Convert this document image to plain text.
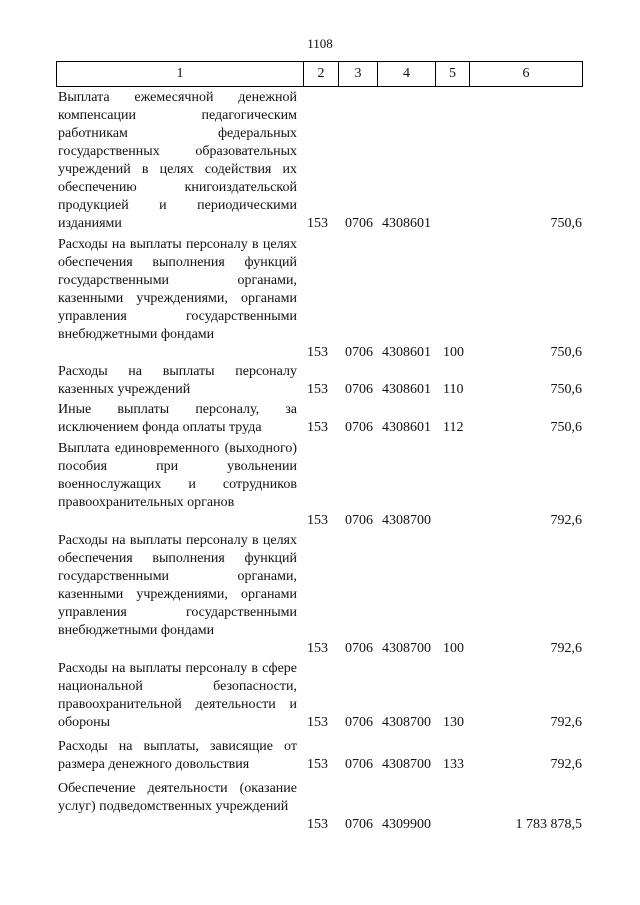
1108
1	2	3	4	5	6
Выплата ежемесячной денежной компенсации педагогическим работникам федеральных государственных образовательных учреждений в целях содействия их обеспечению книгоиздательской продукцией и периодическими изданиями	153 0706 4308601	750,6
Расходы на выплаты персоналу в целях обеспечения выполнения функций государственными органами, казенными учреждениями, органами управления государственными внебюджетными фондами
153 0706 4308601 100	750,6
Расходы на выплаты персоналу казенных учреждений	153 0706 4308601 110	750,6
Иные выплаты персоналу, за исключением фонда оплаты труда	153 0706 4308601 112	750,6
Выплата единовременного (выходного) пособия при увольнении военнослужащих и сотрудников правоохранительных органов
153 0706 4308700	792,6
Расходы на выплаты персоналу в целях обеспечения выполнения функций государственными органами, казенными учреждениями, органами управления государственными внебюджетными фондами
153 0706 4308700 100	792,6
Расходы на выплаты персоналу в сфере национальной безопасности, правоохранительной деятельности и обороны	153 0706 4308700 130	792,6
Расходы на выплаты, зависящие от размера денежного довольствия	153 0706 4308700 133	792,6
Обеспечение деятельности (оказание услуг) подведомственных учреждений
153 0706 4309900	1 783 878,5
